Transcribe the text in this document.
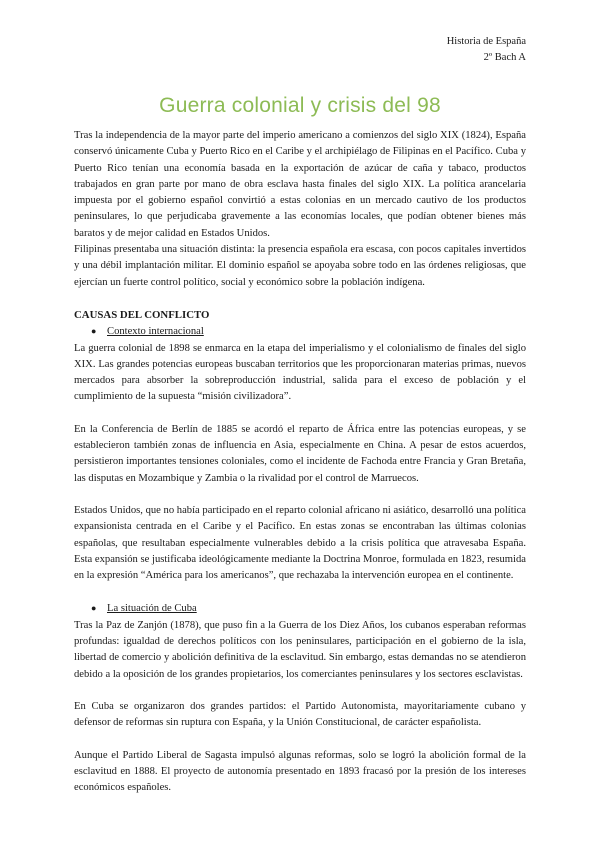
Historia de España
2º Bach A
Guerra colonial y crisis del 98

Tras la independencia de la mayor parte del imperio americano a comienzos del siglo XIX (1824), España conservó únicamente Cuba y Puerto Rico en el Caribe y el archipiélago de Filipinas en el Pacífico. Cuba y Puerto Rico tenían una economía basada en la exportación de azúcar de caña y tabaco, productos trabajados en gran parte por mano de obra esclava hasta finales del siglo XIX. La política arancelaria impuesta por el gobierno español convirtió a estas colonias en un mercado cautivo de los productos peninsulares, lo que perjudicaba gravemente a las economías locales, que podían obtener bienes más baratos y de mejor calidad en Estados Unidos.

Filipinas presentaba una situación distinta: la presencia española era escasa, con pocos capitales invertidos y una débil implantación militar. El dominio español se apoyaba sobre todo en las órdenes religiosas, que ejercían un fuerte control político, social y económico sobre la población indígena.

CAUSAS DEL CONFLICTO

● Contexto internacional

La guerra colonial de 1898 se enmarca en la etapa del imperialismo y el colonialismo de finales del siglo XIX. Las grandes potencias europeas buscaban territorios que les proporcionaran materias primas, nuevos mercados para absorber la sobreproducción industrial, salida para el exceso de población y el cumplimiento de la supuesta “misión civilizadora”.

En la Conferencia de Berlín de 1885 se acordó el reparto de África entre las potencias europeas, y se establecieron también zonas de influencia en Asia, especialmente en China. A pesar de estos acuerdos, persistieron importantes tensiones coloniales, como el incidente de Fachoda entre Francia y Gran Bretaña, las disputas en Mozambique y Zambia o la rivalidad por el control de Marruecos.

Estados Unidos, que no había participado en el reparto colonial africano ni asiático, desarrolló una política expansionista centrada en el Caribe y el Pacífico. En estas zonas se encontraban las últimas colonias españolas, que resultaban especialmente vulnerables debido a la crisis política que atravesaba España. Esta expansión se justificaba ideológicamente mediante la Doctrina Monroe, formulada en 1823, resumida en la expresión “América para los americanos”, que rechazaba la intervención europea en el continente.

● La situación de Cuba

Tras la Paz de Zanjón (1878), que puso fin a la Guerra de los Diez Años, los cubanos esperaban reformas profundas: igualdad de derechos políticos con los peninsulares, participación en el gobierno de la isla, libertad de comercio y abolición definitiva de la esclavitud. Sin embargo, estas demandas no se atendieron debido a la oposición de los grandes propietarios, los comerciantes peninsulares y los sectores esclavistas.

En Cuba se organizaron dos grandes partidos: el Partido Autonomista, mayoritariamente cubano y defensor de reformas sin ruptura con España, y la Unión Constitucional, de carácter españolista.

Aunque el Partido Liberal de Sagasta impulsó algunas reformas, solo se logró la abolición formal de la esclavitud en 1888. El proyecto de autonomía presentado en 1893 fracasó por la presión de los intereses económicos españoles.
